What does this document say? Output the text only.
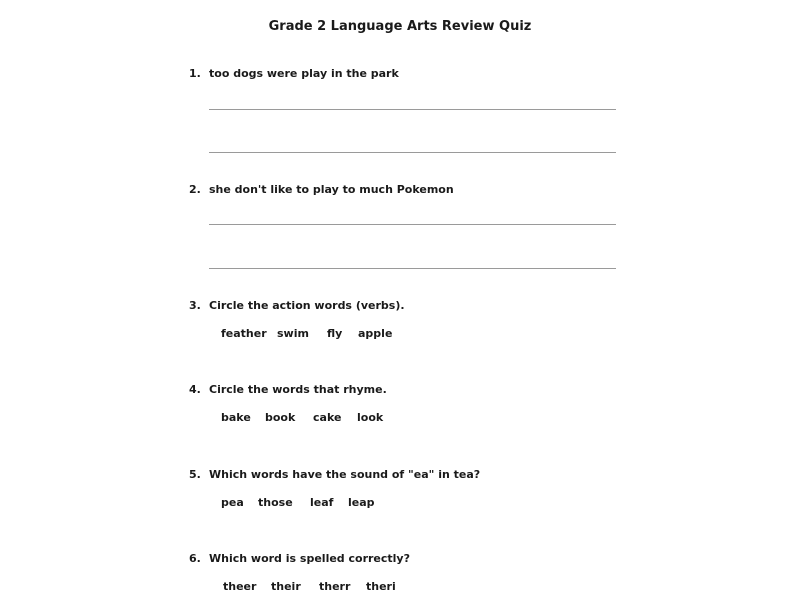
Grade 2 Language Arts Review Quiz
1. too dogs were play in the park
2. she don't like to play to much Pokemon
3. Circle the action words (verbs).
feather swim fly apple
4. Circle the words that rhyme.
bake book cake look
5. Which words have the sound of "ea" in tea?
pea those leaf leap
6. Which word is spelled correctly?
theer their therr theri
